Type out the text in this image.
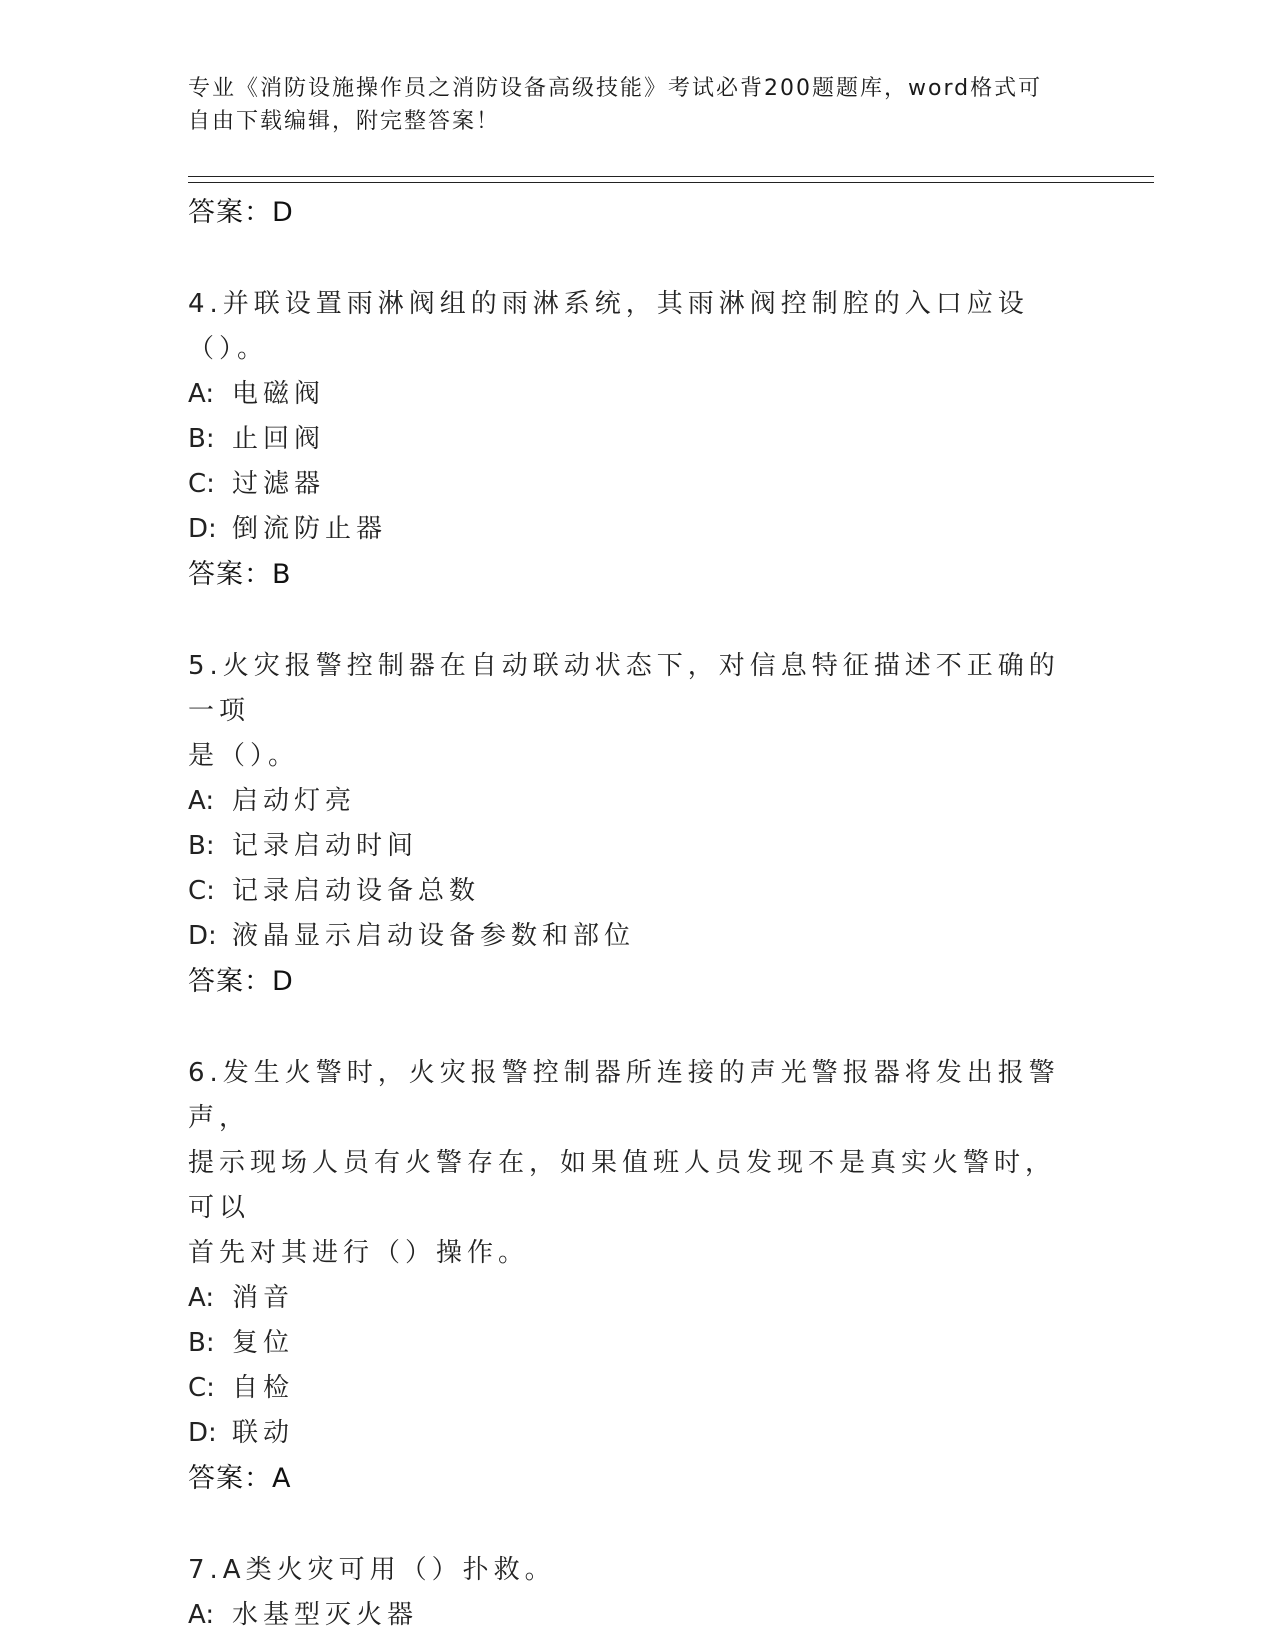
专业《消防设施操作员之消防设备高级技能》考试必背200题题库，word格式可
自由下载编辑，附完整答案！

答案：D

4.并联设置雨淋阀组的雨淋系统，其雨淋阀控制腔的入口应设（）。

A: 电磁阀

B: 止回阀

C: 过滤器

D: 倒流防止器

答案：B

5.火灾报警控制器在自动联动状态下，对信息特征描述不正确的一项

是（）。

A: 启动灯亮

B: 记录启动时间

C: 记录启动设备总数

D: 液晶显示启动设备参数和部位

答案：D

6.发生火警时，火灾报警控制器所连接的声光警报器将发出报警声，

提示现场人员有火警存在，如果值班人员发现不是真实火警时，可以

首先对其进行（）操作。

A: 消音

B: 复位

C: 自检

D: 联动

答案：A

7.A类火灾可用（）扑救。

A: 水基型灭火器
